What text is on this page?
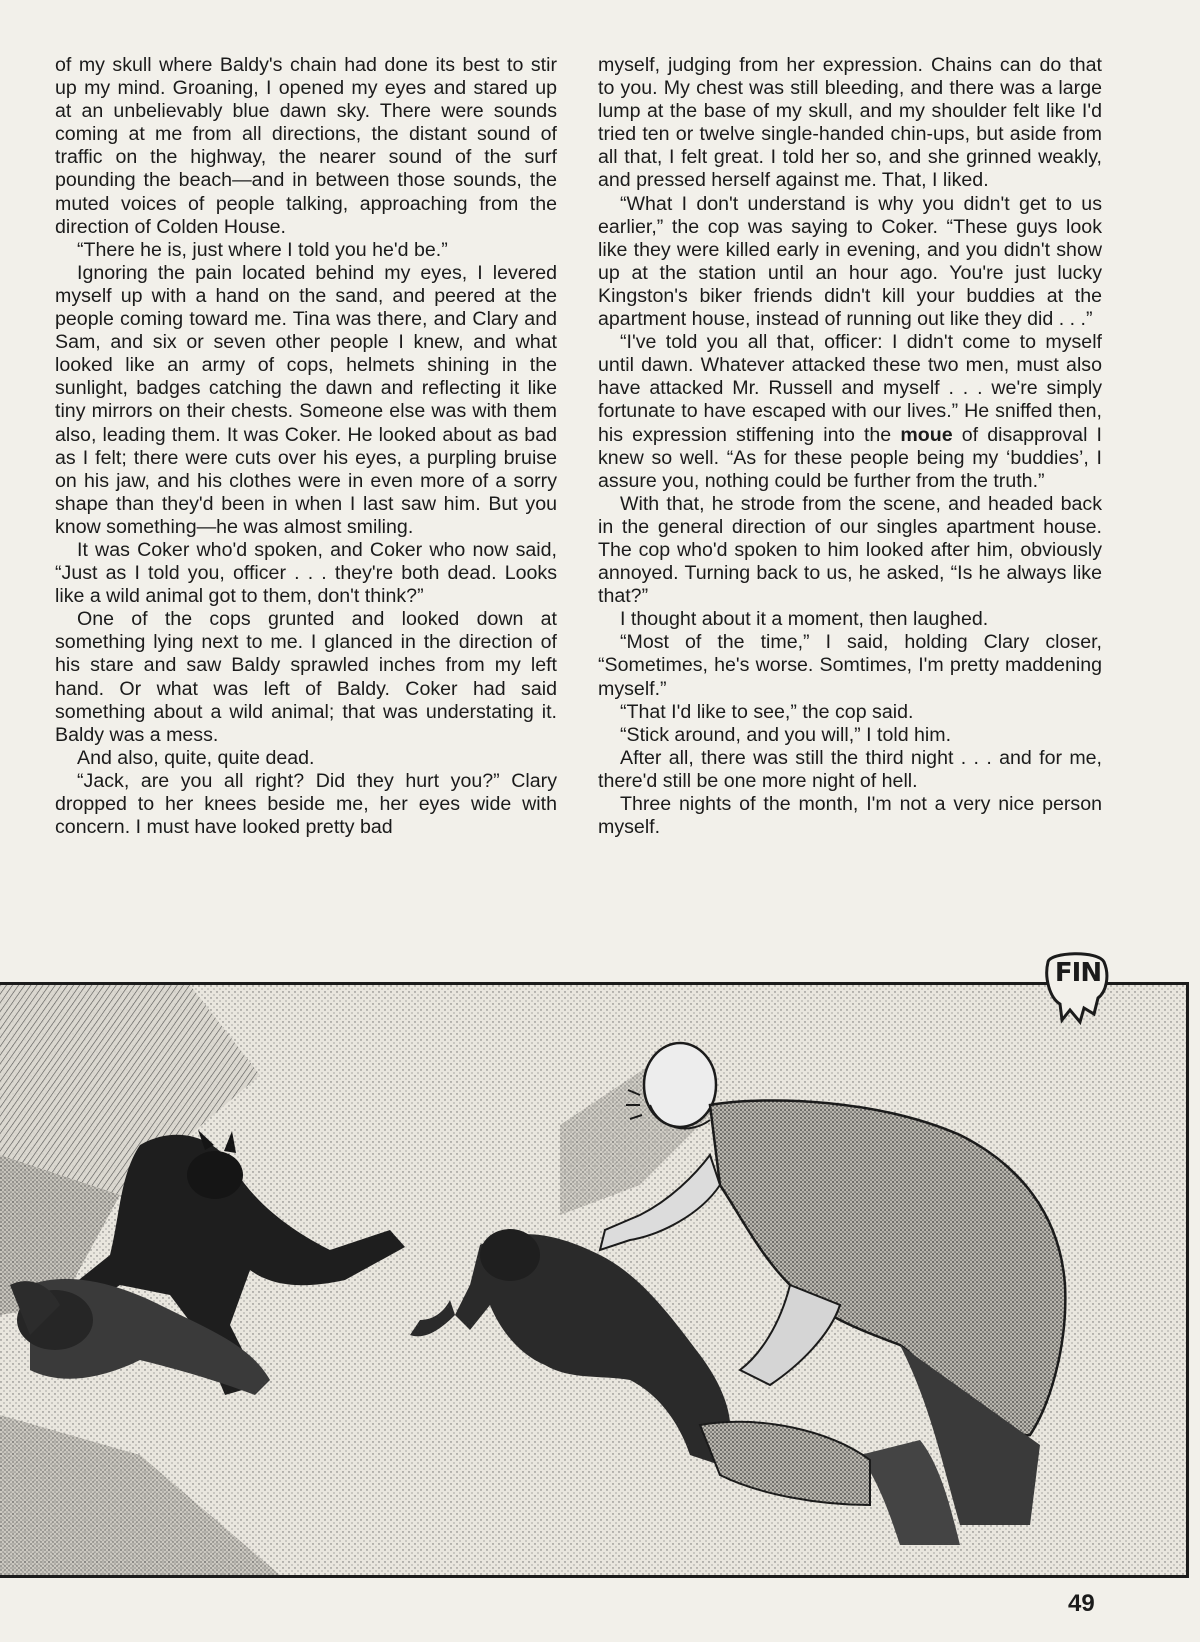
of my skull where Baldy's chain had done its best to stir up my mind. Groaning, I opened my eyes and stared up at an unbelievably blue dawn sky. There were sounds coming at me from all directions, the distant sound of traffic on the highway, the nearer sound of the surf pounding the beach—and in between those sounds, the muted voices of people talking, approaching from the direction of Colden House.

“There he is, just where I told you he'd be.”

Ignoring the pain located behind my eyes, I levered myself up with a hand on the sand, and peered at the people coming toward me. Tina was there, and Clary and Sam, and six or seven other people I knew, and what looked like an army of cops, helmets shining in the sunlight, badges catching the dawn and reflecting it like tiny mirrors on their chests. Someone else was with them also, leading them. It was Coker. He looked about as bad as I felt; there were cuts over his eyes, a purpling bruise on his jaw, and his clothes were in even more of a sorry shape than they'd been in when I last saw him. But you know something—he was almost smiling.

It was Coker who'd spoken, and Coker who now said, “Just as I told you, officer . . . they're both dead. Looks like a wild animal got to them, don't think?”

One of the cops grunted and looked down at something lying next to me. I glanced in the direction of his stare and saw Baldy sprawled inches from my left hand. Or what was left of Baldy. Coker had said something about a wild animal; that was understating it. Baldy was a mess.

And also, quite, quite dead.

“Jack, are you all right? Did they hurt you?” Clary dropped to her knees beside me, her eyes wide with concern. I must have looked pretty bad

myself, judging from her expression. Chains can do that to you. My chest was still bleeding, and there was a large lump at the base of my skull, and my shoulder felt like I'd tried ten or twelve single-handed chin-ups, but aside from all that, I felt great. I told her so, and she grinned weakly, and pressed herself against me. That, I liked.

“What I don't understand is why you didn't get to us earlier,” the cop was saying to Coker. “These guys look like they were killed early in evening, and you didn't show up at the station until an hour ago. You're just lucky Kingston's biker friends didn't kill your buddies at the apartment house, instead of running out like they did . . .”

“I've told you all that, officer: I didn't come to myself until dawn. Whatever attacked these two men, must also have attacked Mr. Russell and myself . . . we're simply fortunate to have escaped with our lives.” He sniffed then, his expression stiffening into the moue of disapproval I knew so well. “As for these people being my ‘buddies’, I assure you, nothing could be further from the truth.”

With that, he strode from the scene, and headed back in the general direction of our singles apartment house. The cop who'd spoken to him looked after him, obviously annoyed. Turning back to us, he asked, “Is he always like that?”

I thought about it a moment, then laughed.

“Most of the time,” I said, holding Clary closer, “Sometimes, he's worse. Somtimes, I'm pretty maddening myself.”

“That I'd like to see,” the cop said.

“Stick around, and you will,” I told him.

After all, there was still the third night . . . and for me, there'd still be one more night of hell.

Three nights of the month, I'm not a very nice person myself.

FIN
49
